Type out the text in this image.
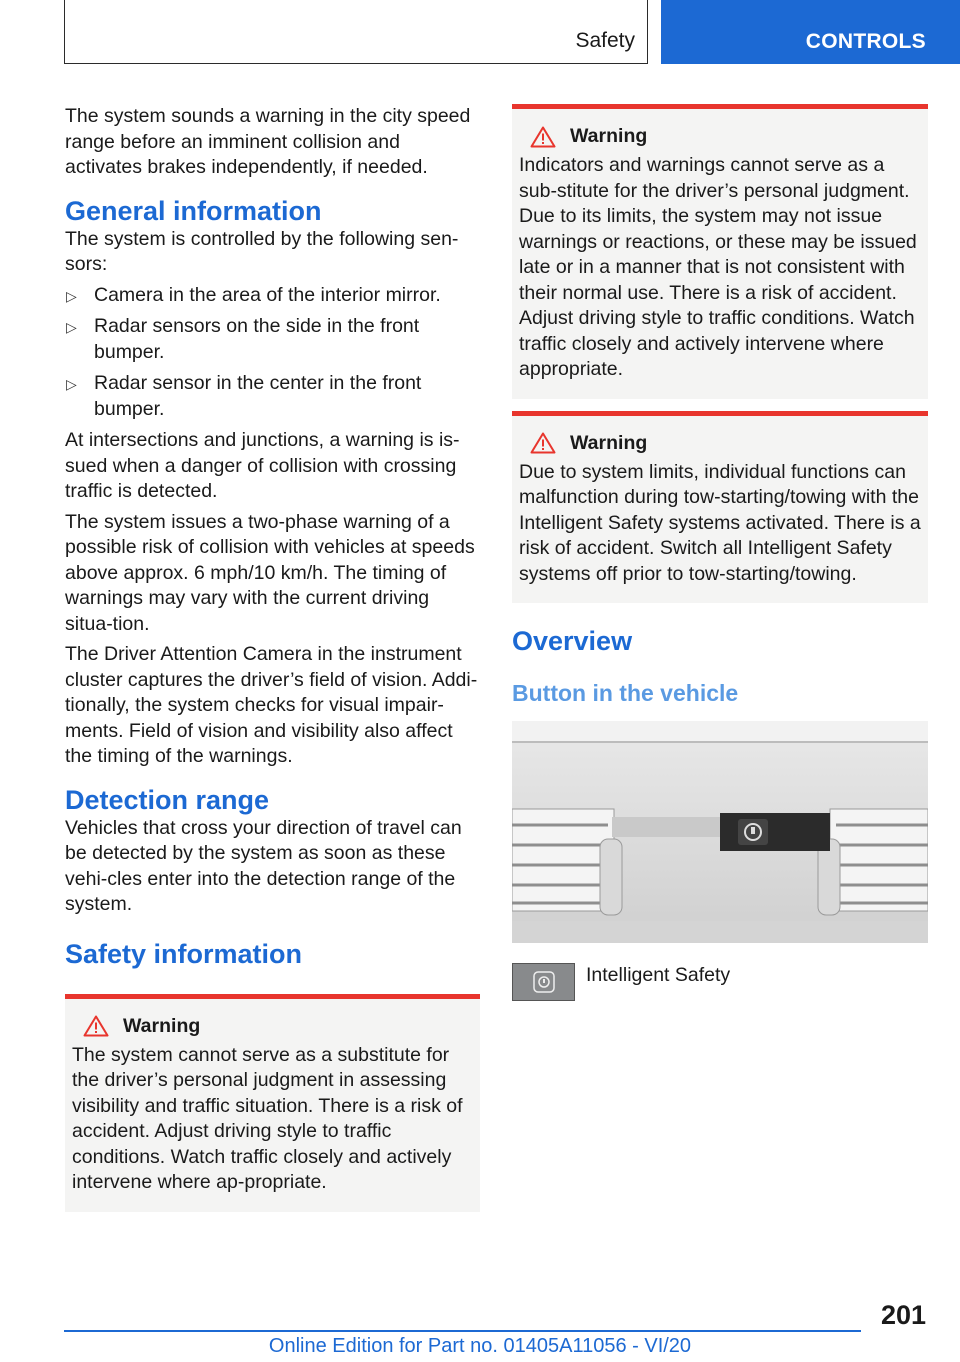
Safety	CONTROLS

The system sounds a warning in the city speed range before an imminent collision and activates brakes independently, if needed.

General information

The system is controlled by the following sen-sors:

▷ Camera in the area of the interior mirror.
▷ Radar sensors on the side in the front bumper.
▷ Radar sensor in the center in the front bumper.

At intersections and junctions, a warning is is-sued when a danger of collision with crossing traffic is detected.

The system issues a two-phase warning of a possible risk of collision with vehicles at speeds above approx. 6 mph/10 km/h. The timing of warnings may vary with the current driving situa-tion.

The Driver Attention Camera in the instrument cluster captures the driver’s field of vision. Addi-tionally, the system checks for visual impair-ments. Field of vision and visibility also affect the timing of the warnings.

Detection range

Vehicles that cross your direction of travel can be detected by the system as soon as these vehi-cles enter into the detection range of the system.

Safety information
Warning

The system cannot serve as a substitute for the driver’s personal judgment in assessing visibility and traffic situation. There is a risk of accident. Adjust driving style to traffic conditions. Watch traffic closely and actively intervene where ap-propriate.

Warning

Indicators and warnings cannot serve as a sub-stitute for the driver’s personal judgment. Due to its limits, the system may not issue warnings or reactions, or these may be issued late or in a manner that is not consistent with their normal use. There is a risk of accident. Adjust driving style to traffic conditions. Watch traffic closely and actively intervene where appropriate.

Warning

Due to system limits, individual functions can malfunction during tow-starting/towing with the Intelligent Safety systems activated. There is a risk of accident. Switch all Intelligent Safety systems off prior to tow-starting/towing.

Overview
Button in the vehicle
Intelligent Safety
201
Online Edition for Part no. 01405A11056 - VI/20
